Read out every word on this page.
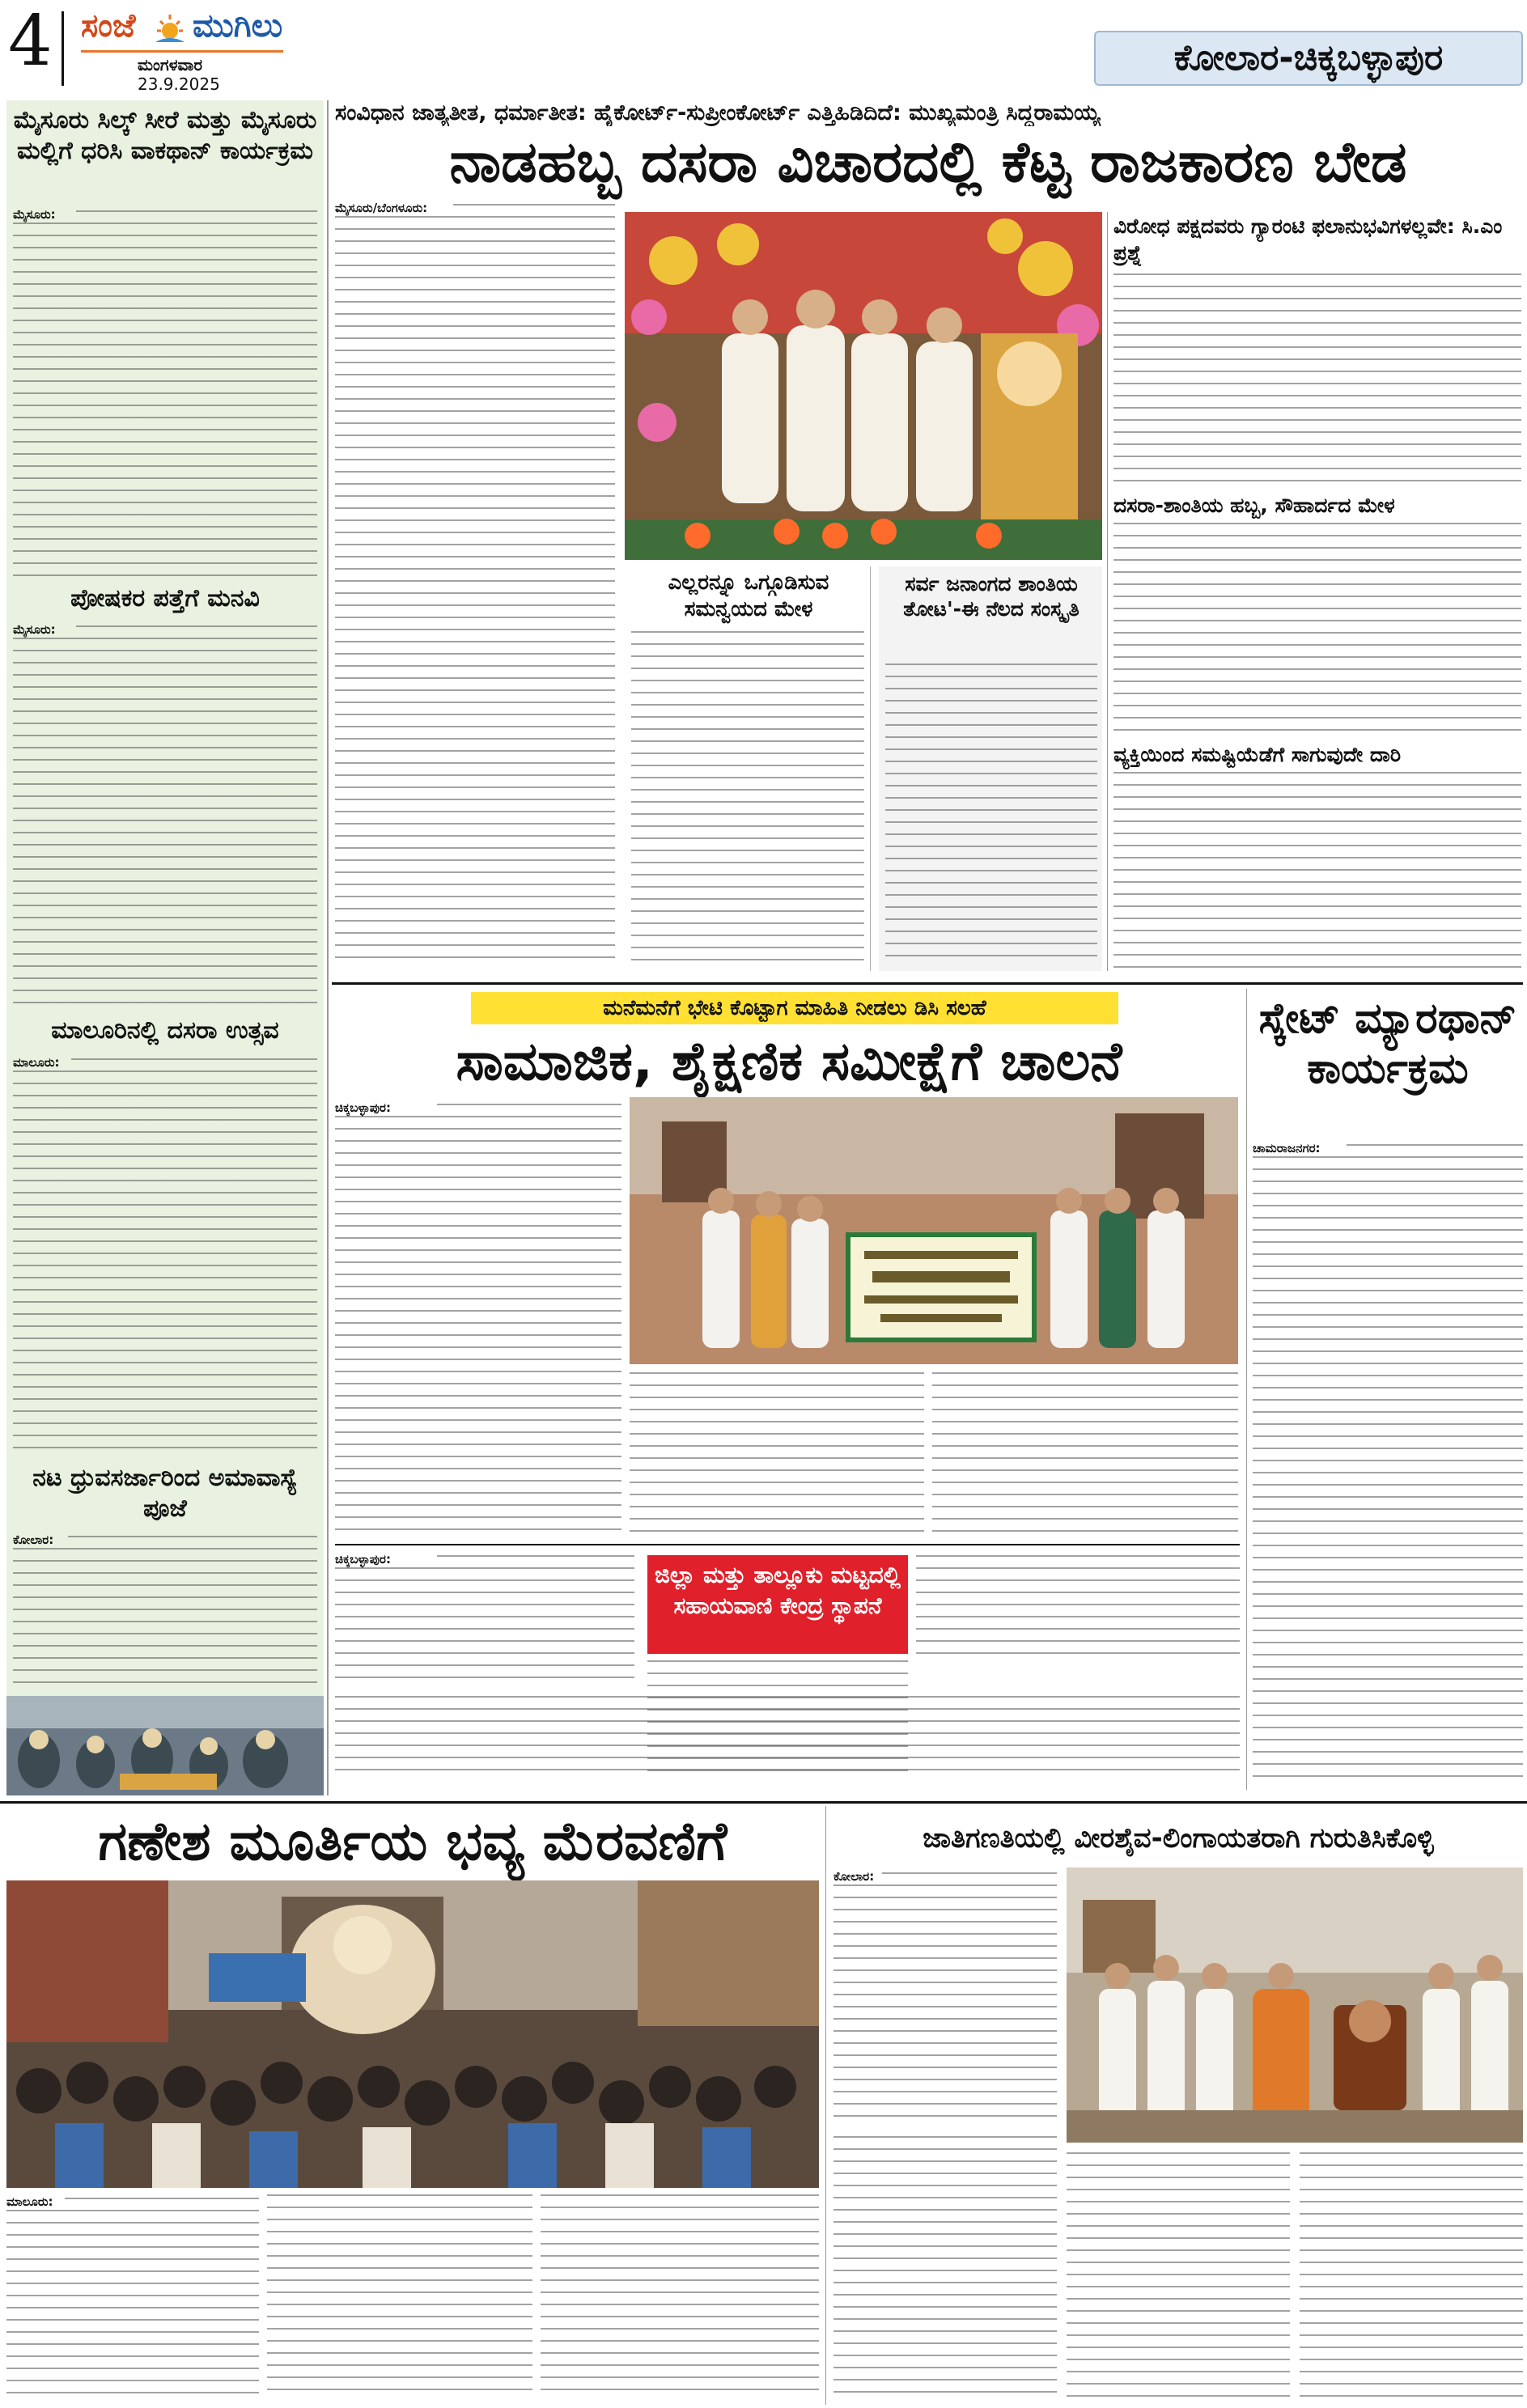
4 ಸಂಜೆ ಮುಗಿಲು
ಮಂಗಳವಾರ
23.9.2025
ಕೋಲಾರ-ಚಿಕ್ಕಬಳ್ಳಾಪುರ
ಮೈಸೂರು ಸಿಲ್ಕ್ ಸೀರೆ ಮತ್ತು ಮೈಸೂರು ಮಲ್ಲಿಗೆ ಧರಿಸಿ ವಾಕಥಾನ್ ಕಾರ್ಯಕ್ರಮ
ಮೈಸೂರು:
ಪೋಷಕರ ಪತ್ತೆಗೆ ಮನವಿ
ಮೈಸೂರು:
ಮಾಲೂರಿನಲ್ಲಿ ದಸರಾ ಉತ್ಸವ
ಮಾಲೂರು:
ನಟ ಧ್ರುವಸರ್ಜಾರಿಂದ ಅಮಾವಾಸ್ಯೆ ಪೂಜೆ
ಕೋಲಾರ:
ಸಂವಿಧಾನ ಜಾತ್ಯತೀತ, ಧರ್ಮಾತೀತ: ಹೈಕೋರ್ಟ್-ಸುಪ್ರೀಂಕೋರ್ಟ್ ಎತ್ತಿಹಿಡಿದಿದೆ: ಮುಖ್ಯಮಂತ್ರಿ ಸಿದ್ದರಾಮಯ್ಯ
ನಾಡಹಬ್ಬ ದಸರಾ ವಿಚಾರದಲ್ಲಿ ಕೆಟ್ಟ ರಾಜಕಾರಣ ಬೇಡ
ಮೈಸೂರು/ಬೆಂಗಳೂರು:
ಎಲ್ಲರನ್ನೂ ಒಗ್ಗೂಡಿಸುವ ಸಮನ್ವಯದ ಮೇಳ
ಸರ್ವ ಜನಾಂಗದ ಶಾಂತಿಯ ತೋಟ'-ಈ ನೆಲದ ಸಂಸ್ಕೃತಿ
ವಿರೋಧ ಪಕ್ಷದವರು ಗ್ಯಾರಂಟಿ ಫಲಾನುಭವಿಗಳಲ್ಲವೇ: ಸಿ.ಎಂ ಪ್ರಶ್ನೆ
ದಸರಾ-ಶಾಂತಿಯ ಹಬ್ಬ, ಸೌಹಾರ್ದದ ಮೇಳ
ವ್ಯಕ್ತಿಯಿಂದ ಸಮಷ್ಟಿಯೆಡೆಗೆ ಸಾಗುವುದೇ ದಾರಿ
ಮನೆಮನೆಗೆ ಭೇಟಿ ಕೊಟ್ಟಾಗ ಮಾಹಿತಿ ನೀಡಲು ಡಿಸಿ ಸಲಹೆ
ಸಾಮಾಜಿಕ, ಶೈಕ್ಷಣಿಕ ಸಮೀಕ್ಷೆಗೆ ಚಾಲನೆ
ಚಿಕ್ಕಬಳ್ಳಾಪುರ:
ಚಿಕ್ಕಬಳ್ಳಾಪುರ:
ಜಿಲ್ಲಾ ಮತ್ತು ತಾಲ್ಲೂಕು ಮಟ್ಟದಲ್ಲಿ ಸಹಾಯವಾಣಿ ಕೇಂದ್ರ ಸ್ಥಾಪನೆ
ಸ್ಕೇಟ್ ಮ್ಯಾರಥಾನ್ ಕಾರ್ಯಕ್ರಮ
ಚಾಮರಾಜನಗರ:
ಗಣೇಶ ಮೂರ್ತಿಯ ಭವ್ಯ ಮೆರವಣಿಗೆ
ಮಾಲೂರು:
ಜಾತಿಗಣತಿಯಲ್ಲಿ ವೀರಶೈವ-ಲಿಂಗಾಯತರಾಗಿ ಗುರುತಿಸಿಕೊಳ್ಳಿ
ಕೋಲಾರ:
